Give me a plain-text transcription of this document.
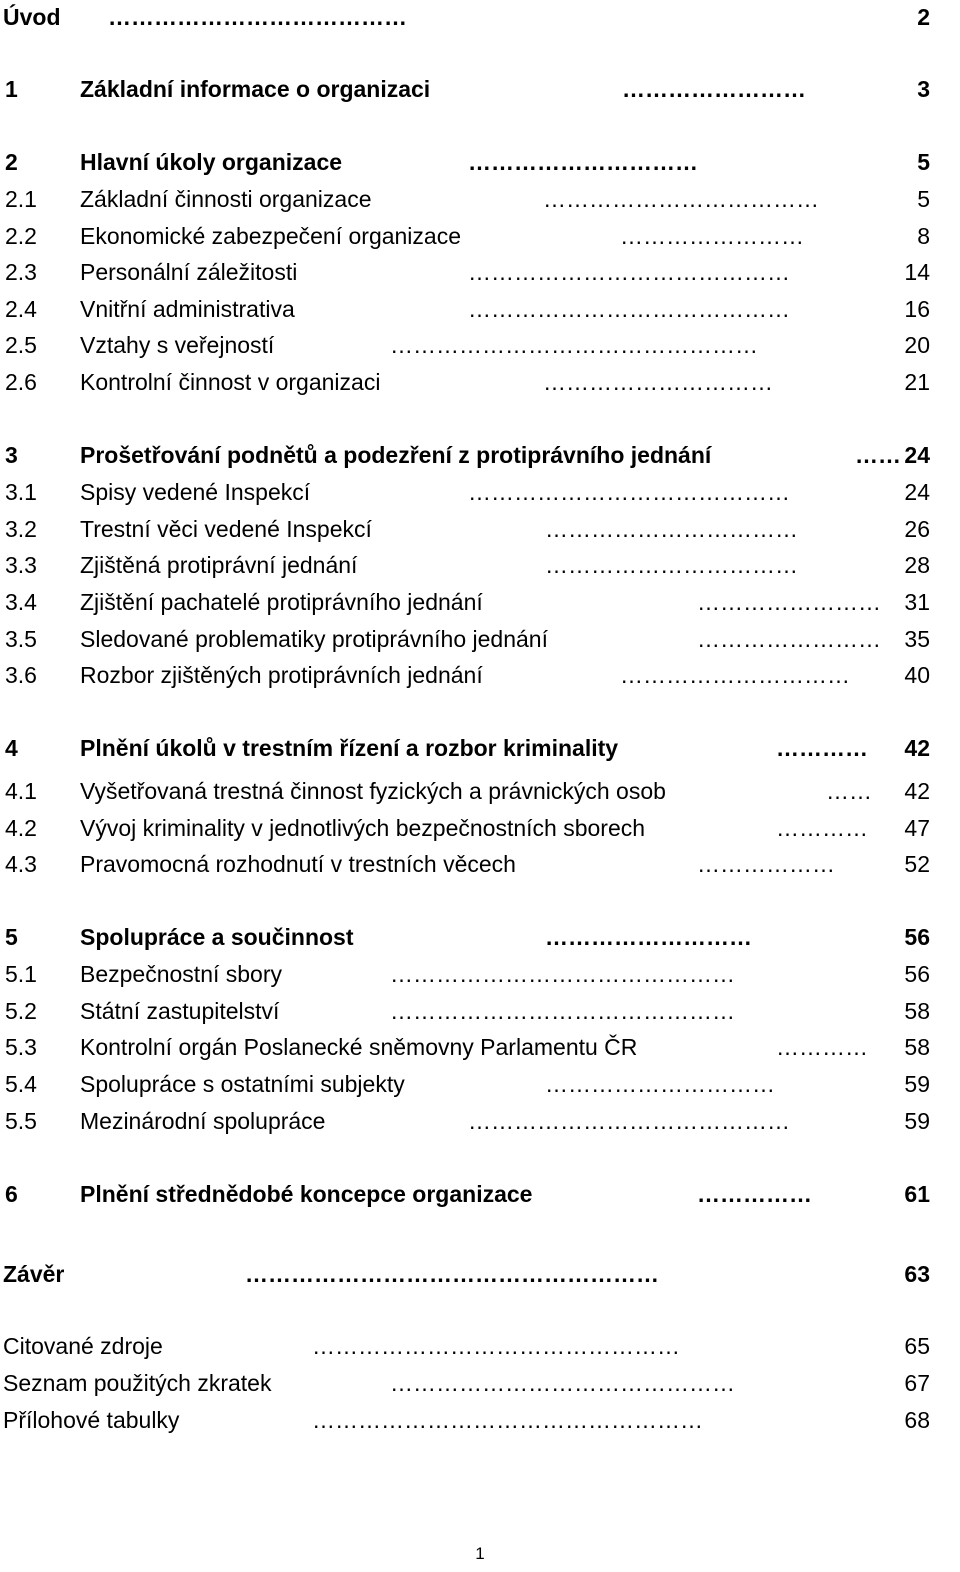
Úvod …………………………………	2
1	Základní informace o organizaci	……………………	3
2	Hlavní úkoly organizace	…………………………	5
2.1 Základní činnosti organizace	………………………………	5
2.2 Ekonomické zabezpečení organizace	……………………	8
2.3 Personální záležitosti	……………………………………	14
2.4 Vnitřní administrativa	……………………………………	16
2.5 Vztahy s veřejností	…………………………………………	20
2.6 Kontrolní činnost v organizaci	…………………………	21
3	Prošetřování podnětů a podezření z protiprávního jednání	…… 24
3.1 Spisy vedené Inspekcí	……………………………………	24
3.2 Trestní věci vedené Inspekcí	……………………………	26
3.3 Zjištěná protiprávní jednání	……………………………	28
3.4 Zjištění pachatelé protiprávního jednání	…………………… 31
3.5 Sledované problematiky protiprávního jednání	…………………… 35
3.6 Rozbor zjištěných protiprávních jednání	………………………… 40
4	Plnění úkolů v trestním řízení a rozbor kriminality	………… 42
4.1 Vyšetřovaná trestná činnost fyzických a právnických osob	…… 42
4.2 Vývoj kriminality v jednotlivých bezpečnostních sborech	………… 47
4.3 Pravomocná rozhodnutí v trestních věcech	………………	52
5	Spolupráce a součinnost	………………………	56
5.1 Bezpečnostní sbory	………………………………………	56
5.2 Státní zastupitelství	………………………………………	58
5.3 Kontrolní orgán Poslanecké sněmovny Parlamentu ČR	………… 58
5.4 Spolupráce s ostatními subjekty	…………………………	59
5.5 Mezinárodní spolupráce	……………………………………	59
6	Plnění střednědobé koncepce organizace	……………	61
Závěr	………………………………………………	63
Citované zdroje	…………………………………………	65
Seznam použitých zkratek	………………………………………	67
Přílohové tabulky	……………………………………………	68
1
